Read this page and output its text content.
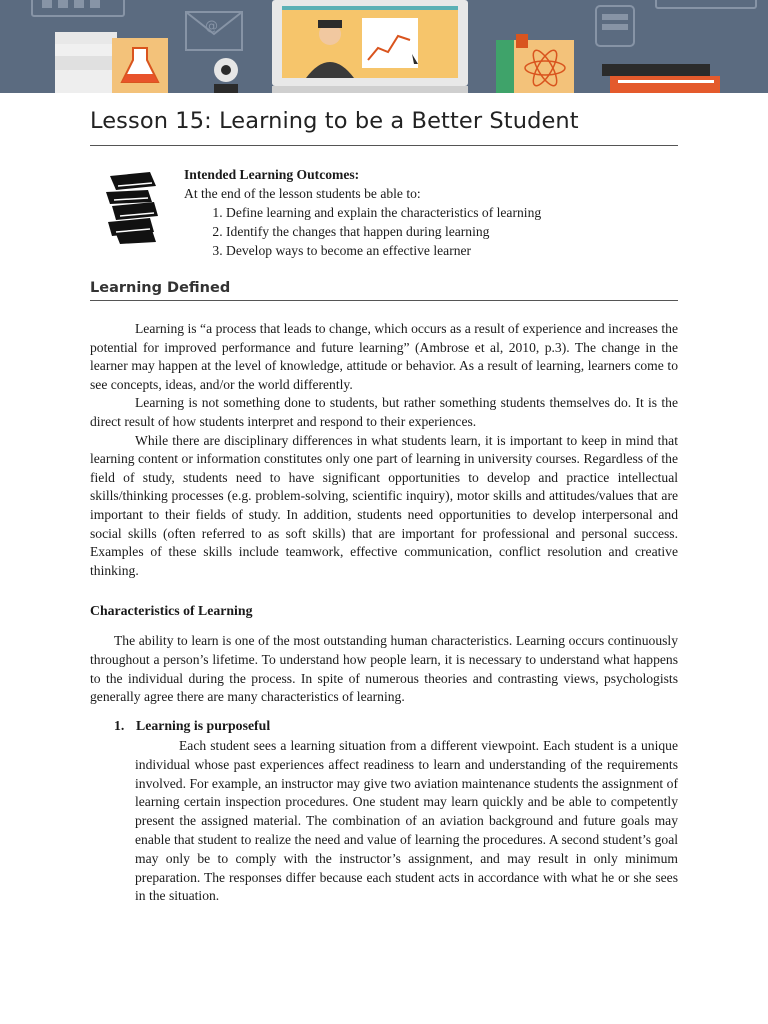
@
Lesson 15: Learning to be a Better Student
Intended Learning Outcomes:
At the end of the lesson students be able to:
1. Define learning and explain the characteristics of learning
2. Identify the changes that happen during learning
3. Develop ways to become an effective learner
Learning Defined

Learning is “a process that leads to change, which occurs as a result of experience and increases the potential for improved performance and future learning” (Ambrose et al, 2010, p.3). The change in the learner may happen at the level of knowledge, attitude or behavior. As a result of learning, learners come to see concepts, ideas, and/or the world differently.

Learning is not something done to students, but rather something students themselves do. It is the direct result of how students interpret and respond to their experiences.

While there are disciplinary differences in what students learn, it is important to keep in mind that learning content or information constitutes only one part of learning in university courses. Regardless of the field of study, students need to have significant opportunities to develop and practice intellectual skills/thinking processes (e.g. problem-solving, scientific inquiry), motor skills and attitudes/values that are important to their fields of study. In addition, students need opportunities to develop interpersonal and social skills (often referred to as soft skills) that are important for professional and personal success. Examples of these skills include teamwork, effective communication, conflict resolution and creative thinking.

Characteristics of Learning

The ability to learn is one of the most outstanding human characteristics. Learning occurs continuously throughout a person’s lifetime. To understand how people learn, it is necessary to understand what happens to the individual during the process. In spite of numerous theories and contrasting views, psychologists generally agree there are many characteristics of learning.

1. Learning is purposeful

Each student sees a learning situation from a different viewpoint. Each student is a unique individual whose past experiences affect readiness to learn and understanding of the requirements involved. For example, an instructor may give two aviation maintenance students the assignment of learning certain inspection procedures. One student may learn quickly and be able to competently present the assigned material. The combination of an aviation background and future goals may enable that student to realize the need and value of learning the procedures. A second student’s goal may only be to comply with the instructor’s assignment, and may result in only minimum preparation. The responses differ because each student acts in accordance with what he or she sees in the situation.
